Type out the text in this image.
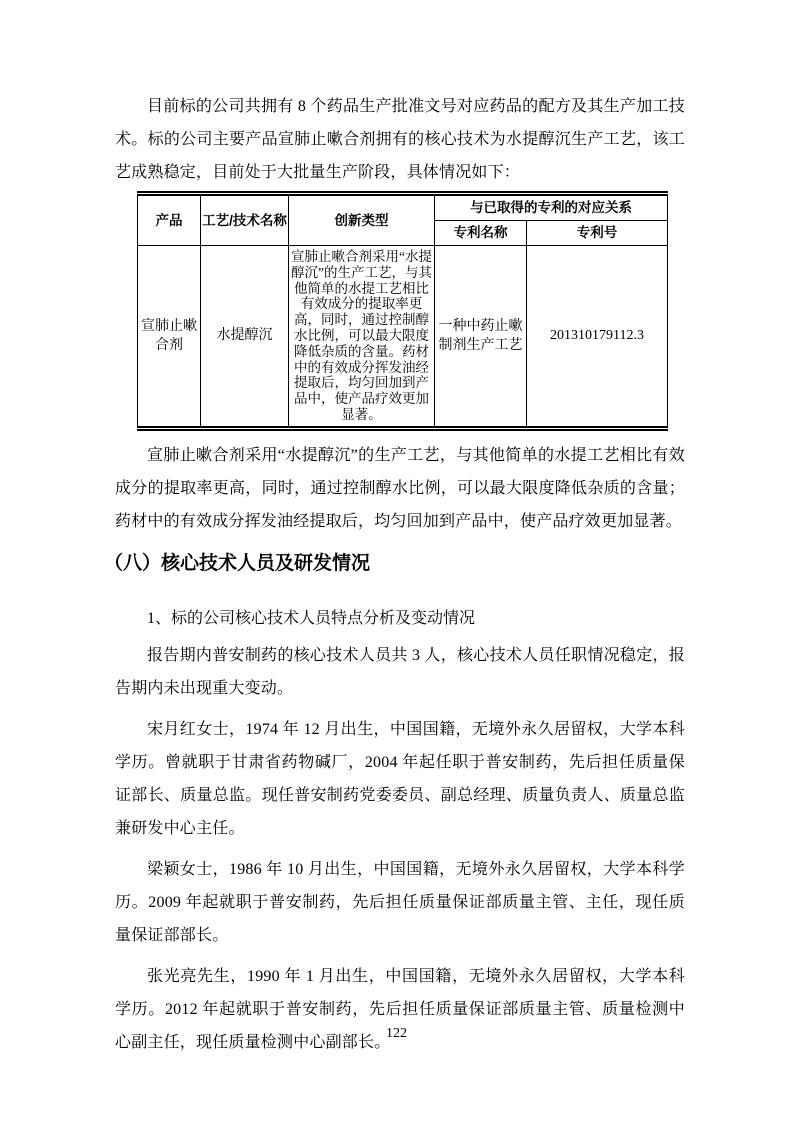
目前标的公司共拥有 8 个药品生产批准文号对应药品的配方及其生产加工技术。标的公司主要产品宣肺止嗽合剂拥有的核心技术为水提醇沉生产工艺，该工艺成熟稳定，目前处于大批量生产阶段，具体情况如下：

产品	工艺/技术名称	创新类型	与已取得的专利的对应关系	
			专利名称	专利号
宣肺止嗽合剂	水提醇沉	宣肺止嗽合剂采用“水提醇沉”的生产工艺，与其他简单的水提工艺相比有效成分的提取率更高，同时，通过控制醇水比例，可以最大限度降低杂质的含量。药材中的有效成分挥发油经提取后，均匀回加到产品中，使产品疗效更加显著。	一种中药止嗽制剂生产工艺	201310179112.3

宣肺止嗽合剂采用“水提醇沉”的生产工艺，与其他简单的水提工艺相比有效成分的提取率更高，同时，通过控制醇水比例，可以最大限度降低杂质的含量；药材中的有效成分挥发油经提取后，均匀回加到产品中，使产品疗效更加显著。

（八）核心技术人员及研发情况

1、标的公司核心技术人员特点分析及变动情况

报告期内普安制药的核心技术人员共 3 人，核心技术人员任职情况稳定，报告期内未出现重大变动。

宋月红女士，1974 年 12 月出生，中国国籍，无境外永久居留权，大学本科学历。曾就职于甘肃省药物碱厂，2004 年起任职于普安制药，先后担任质量保证部长、质量总监。现任普安制药党委委员、副总经理、质量负责人、质量总监兼研发中心主任。

梁颖女士，1986 年 10 月出生，中国国籍，无境外永久居留权，大学本科学历。2009 年起就职于普安制药，先后担任质量保证部质量主管、主任，现任质量保证部部长。

张光亮先生，1990 年 1 月出生，中国国籍，无境外永久居留权，大学本科学历。2012 年起就职于普安制药，先后担任质量保证部质量主管、质量检测中心副主任，现任质量检测中心副部长。

122
